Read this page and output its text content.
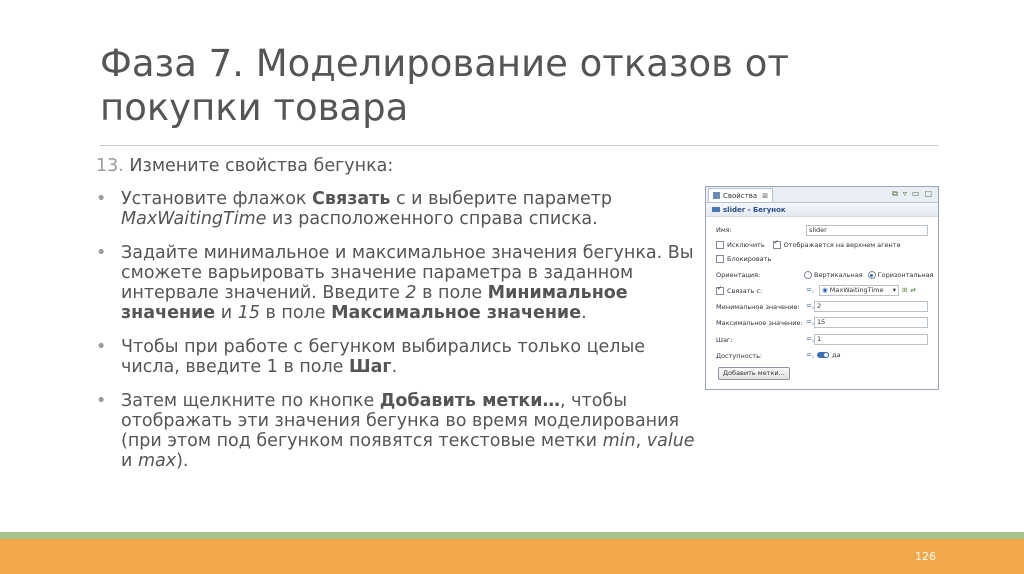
Фаза 7. Моделирование отказов от покупки товара
13. Измените свойства бегунка:
• Установите флажок Связать с и выберите параметр MaxWaitingTime из расположенного справа списка.
• Задайте минимальное и максимальное значения бегунка. Вы сможете варьировать значение параметра в заданном интервале значений. Введите 2 в поле Минимальное значение и 15 в поле Максимальное значение.
• Чтобы при работе с бегунком выбирались только целые числа, введите 1 в поле Шаг.
• Затем щелкните по кнопке Добавить метки…, чтобы отображать эти значения бегунка во время моделирования (при этом под бегунком появятся текстовые метки min, value и max).
Свойства ⊠	⧉ ▿ ▭ □
slider - Бегунок
Имя:	slider
Исключить
✓	Отображается на верхнем агенте
Блокировать
Ориентация:	Вертикальная Горизонтальная
✓
Связать с:	=,	◉ MaxWaitingTime ▾ ⊞ ⇄
Минимальное значение: =, 2
Максимальное значение: =, 15
Шаг:	=, 1
Доступность:	=,	да
Добавить метки...
126
